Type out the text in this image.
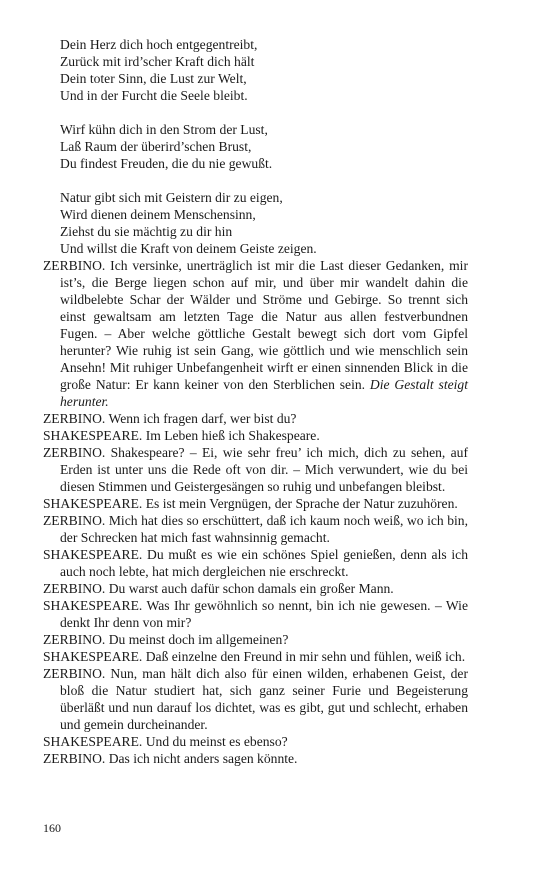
Dein Herz dich hoch entgegentreibt,
Zurück mit ird’scher Kraft dich hält
Dein toter Sinn, die Lust zur Welt,
Und in der Furcht die Seele bleibt.
Wirf kühn dich in den Strom der Lust,
Laß Raum der überird’schen Brust,
Du findest Freuden, die du nie gewußt.
Natur gibt sich mit Geistern dir zu eigen,
Wird dienen deinem Menschensinn,
Ziehst du sie mächtig zu dir hin
Und willst die Kraft von deinem Geiste zeigen.

ZERBINO. Ich versinke, unerträglich ist mir die Last dieser Gedanken, mir ist’s, die Berge liegen schon auf mir, und über mir wandelt dahin die wildbelebte Schar der Wälder und Ströme und Gebirge. So trennt sich einst gewaltsam am letzten Tage die Natur aus allen festverbundnen Fugen. – Aber welche göttliche Gestalt bewegt sich dort vom Gipfel herunter? Wie ruhig ist sein Gang, wie göttlich und wie menschlich sein Ansehn! Mit ruhiger Unbefangenheit wirft er einen sinnenden Blick in die große Natur: Er kann keiner von den Sterblichen sein. Die Gestalt steigt herunter.

ZERBINO. Wenn ich fragen darf, wer bist du?

SHAKESPEARE. Im Leben hieß ich Shakespeare.

ZERBINO. Shakespeare? – Ei, wie sehr freu’ ich mich, dich zu sehen, auf Erden ist unter uns die Rede oft von dir. – Mich verwundert, wie du bei diesen Stimmen und Geistergesängen so ruhig und unbefangen bleibst.

SHAKESPEARE. Es ist mein Vergnügen, der Sprache der Natur zuzuhören.

ZERBINO. Mich hat dies so erschüttert, daß ich kaum noch weiß, wo ich bin, der Schrecken hat mich fast wahnsinnig gemacht.

SHAKESPEARE. Du mußt es wie ein schönes Spiel genießen, denn als ich auch noch lebte, hat mich dergleichen nie erschreckt.

ZERBINO. Du warst auch dafür schon damals ein großer Mann.

SHAKESPEARE. Was Ihr gewöhnlich so nennt, bin ich nie gewesen. – Wie denkt Ihr denn von mir?

ZERBINO. Du meinst doch im allgemeinen?

SHAKESPEARE. Daß einzelne den Freund in mir sehn und fühlen, weiß ich.

ZERBINO. Nun, man hält dich also für einen wilden, erhabenen Geist, der bloß die Natur studiert hat, sich ganz seiner Furie und Begeisterung überläßt und nun darauf los dichtet, was es gibt, gut und schlecht, erhaben und gemein durcheinander.

SHAKESPEARE. Und du meinst es ebenso?

ZERBINO. Das ich nicht anders sagen könnte.

160
